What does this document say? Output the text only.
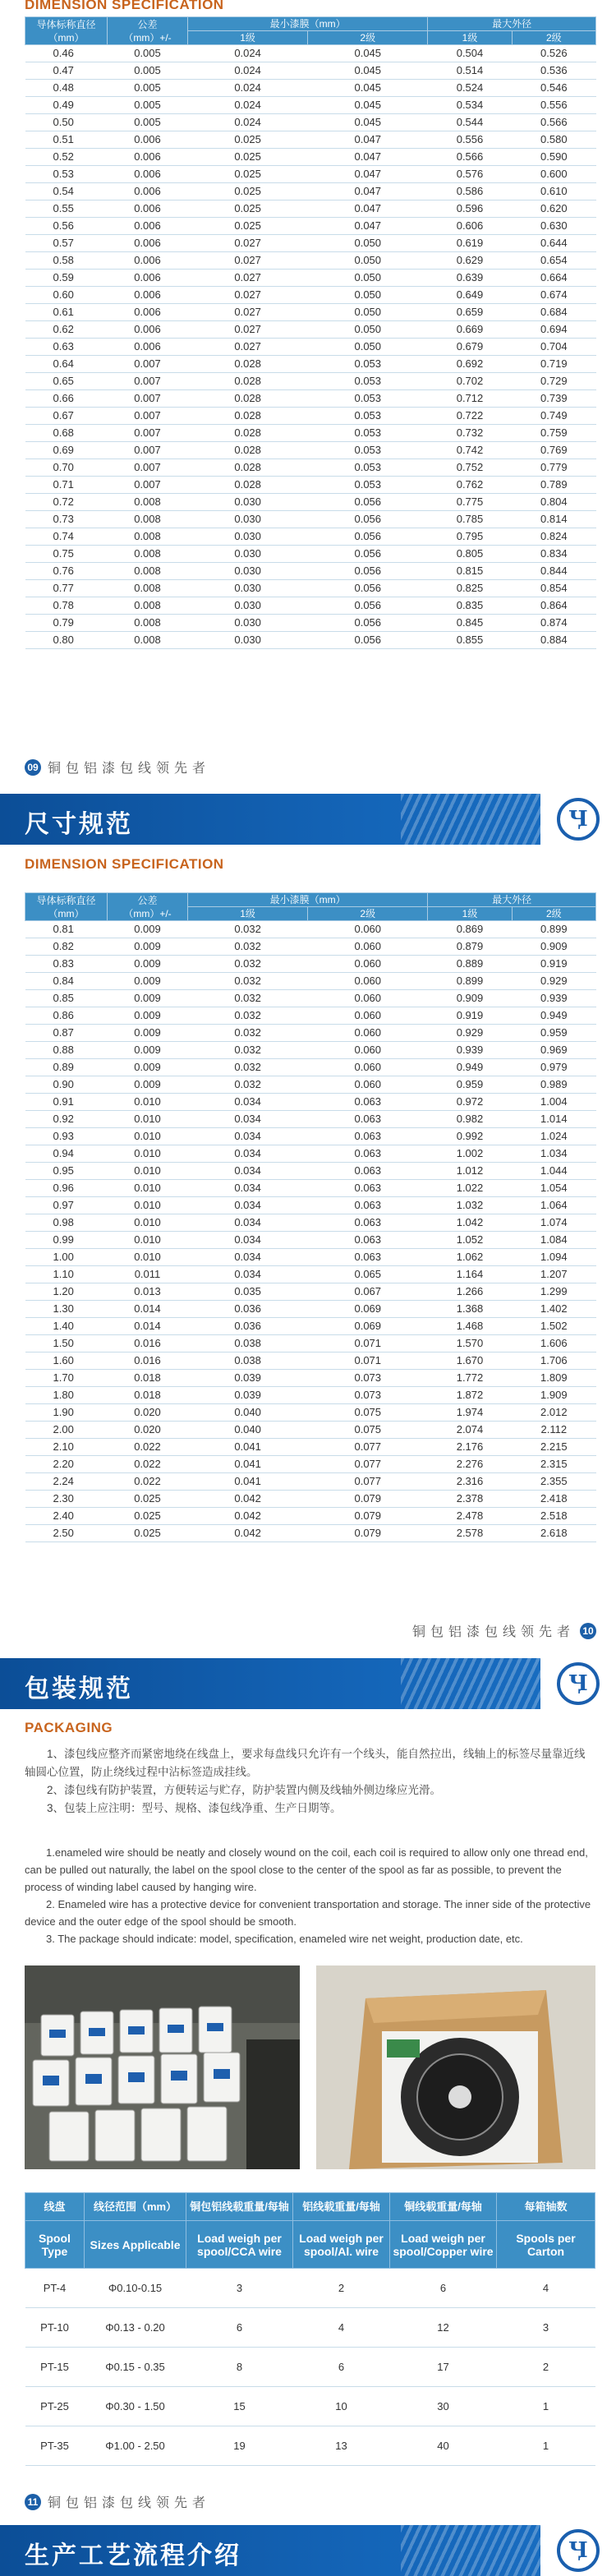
DIMENSION SPECIFICATION
导体标称直径
（mm）	公差
（mm）+/-	最小漆膜（mm）		最大外径	
		1级	2级	1级	2级
0.46	0.005	0.024	0.045	0.504	0.526
0.47	0.005	0.024	0.045	0.514	0.536
0.48	0.005	0.024	0.045	0.524	0.546
0.49	0.005	0.024	0.045	0.534	0.556
0.50	0.005	0.024	0.045	0.544	0.566
0.51	0.006	0.025	0.047	0.556	0.580
0.52	0.006	0.025	0.047	0.566	0.590
0.53	0.006	0.025	0.047	0.576	0.600
0.54	0.006	0.025	0.047	0.586	0.610
0.55	0.006	0.025	0.047	0.596	0.620
0.56	0.006	0.025	0.047	0.606	0.630
0.57	0.006	0.027	0.050	0.619	0.644
0.58	0.006	0.027	0.050	0.629	0.654
0.59	0.006	0.027	0.050	0.639	0.664
0.60	0.006	0.027	0.050	0.649	0.674
0.61	0.006	0.027	0.050	0.659	0.684
0.62	0.006	0.027	0.050	0.669	0.694
0.63	0.006	0.027	0.050	0.679	0.704
0.64	0.007	0.028	0.053	0.692	0.719
0.65	0.007	0.028	0.053	0.702	0.729
0.66	0.007	0.028	0.053	0.712	0.739
0.67	0.007	0.028	0.053	0.722	0.749
0.68	0.007	0.028	0.053	0.732	0.759
0.69	0.007	0.028	0.053	0.742	0.769
0.70	0.007	0.028	0.053	0.752	0.779
0.71	0.007	0.028	0.053	0.762	0.789
0.72	0.008	0.030	0.056	0.775	0.804
0.73	0.008	0.030	0.056	0.785	0.814
0.74	0.008	0.030	0.056	0.795	0.824
0.75	0.008	0.030	0.056	0.805	0.834
0.76	0.008	0.030	0.056	0.815	0.844
0.77	0.008	0.030	0.056	0.825	0.854
0.78	0.008	0.030	0.056	0.835	0.864
0.79	0.008	0.030	0.056	0.845	0.874
0.80	0.008	0.030	0.056	0.855	0.884
09 铜包铝漆包线领先者
尺寸规范	Ӌ
DIMENSION SPECIFICATION
导体标称直径
（mm）	公差
（mm）+/-	最小漆膜（mm）		最大外径	
		1级	2级	1级	2级
0.81	0.009	0.032	0.060	0.869	0.899
0.82	0.009	0.032	0.060	0.879	0.909
0.83	0.009	0.032	0.060	0.889	0.919
0.84	0.009	0.032	0.060	0.899	0.929
0.85	0.009	0.032	0.060	0.909	0.939
0.86	0.009	0.032	0.060	0.919	0.949
0.87	0.009	0.032	0.060	0.929	0.959
0.88	0.009	0.032	0.060	0.939	0.969
0.89	0.009	0.032	0.060	0.949	0.979
0.90	0.009	0.032	0.060	0.959	0.989
0.91	0.010	0.034	0.063	0.972	1.004
0.92	0.010	0.034	0.063	0.982	1.014
0.93	0.010	0.034	0.063	0.992	1.024
0.94	0.010	0.034	0.063	1.002	1.034
0.95	0.010	0.034	0.063	1.012	1.044
0.96	0.010	0.034	0.063	1.022	1.054
0.97	0.010	0.034	0.063	1.032	1.064
0.98	0.010	0.034	0.063	1.042	1.074
0.99	0.010	0.034	0.063	1.052	1.084
1.00	0.010	0.034	0.063	1.062	1.094
1.10	0.011	0.034	0.065	1.164	1.207
1.20	0.013	0.035	0.067	1.266	1.299
1.30	0.014	0.036	0.069	1.368	1.402
1.40	0.014	0.036	0.069	1.468	1.502
1.50	0.016	0.038	0.071	1.570	1.606
1.60	0.016	0.038	0.071	1.670	1.706
1.70	0.018	0.039	0.073	1.772	1.809
1.80	0.018	0.039	0.073	1.872	1.909
1.90	0.020	0.040	0.075	1.974	2.012
2.00	0.020	0.040	0.075	2.074	2.112
2.10	0.022	0.041	0.077	2.176	2.215
2.20	0.022	0.041	0.077	2.276	2.315
2.24	0.022	0.041	0.077	2.316	2.355
2.30	0.025	0.042	0.079	2.378	2.418
2.40	0.025	0.042	0.079	2.478	2.518
2.50	0.025	0.042	0.079	2.578	2.618
铜包铝漆包线领先者 10
包装规范	Ӌ
PACKAGING

1、漆包线应整齐而紧密地绕在线盘上，要求每盘线只允许有一个线头，能自然拉出，线轴上的标签尽量靠近线轴圆心位置，防止绕线过程中沾标签造成挂线。

2、漆包线有防护装置，方便转运与贮存，防护装置内侧及线轴外侧边缘应光滑。

3、包装上应注明：型号、规格、漆包线净重、生产日期等。

1.enameled wire should be neatly and closely wound on the coil, each coil is required to allow only one thread end, can be pulled out naturally, the label on the spool close to the center of the spool as far as possible, to prevent the process of winding label caused by hanging wire.

2. Enameled wire has a protective device for convenient transportation and storage. The inner side of the protective device and the outer edge of the spool should be smooth.

3. The package should indicate: model, specification, enameled wire net weight, production date, etc.

线盘	线径范围（mm）	铜包铝线载重量/每轴	铝线载重量/每轴	铜线载重量/每轴	每箱轴数
Spool Type	Sizes Applicable	Load weigh per spool/CCA wire	Load weigh per spool/Al. wire	Load weigh per spool/Copper wire	Spools per Carton
PT-4	Φ0.10-0.15	3	2	6	4
PT-10	Φ0.13 - 0.20	6	4	12	3
PT-15	Φ0.15 - 0.35	8	6	17	2
PT-25	Φ0.30 - 1.50	15	10	30	1
PT-35	Φ1.00 - 2.50	19	13	40	1
11 铜包铝漆包线领先者
生产工艺流程介绍	Ӌ
